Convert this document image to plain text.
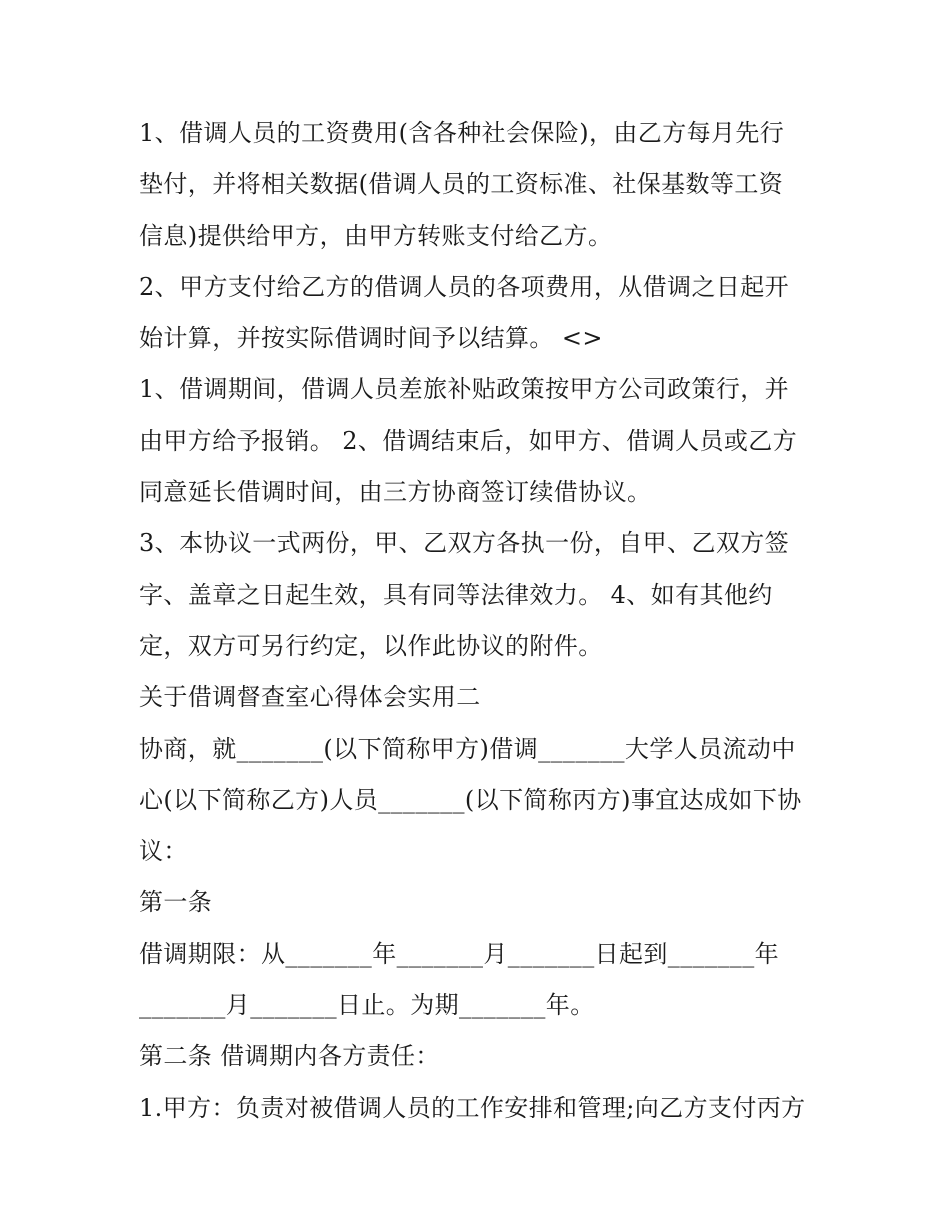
1、借调人员的工资费用(含各种社会保险)，由乙方每月先行
垫付，并将相关数据(借调人员的工资标准、社保基数等工资
信息)提供给甲方，由甲方转账支付给乙方。

2、甲方支付给乙方的借调人员的各项费用，从借调之日起开
始计算，并按实际借调时间予以结算。 <>

1、借调期间，借调人员差旅补贴政策按甲方公司政策行，并
由甲方给予报销。 2、借调结束后，如甲方、借调人员或乙方
同意延长借调时间，由三方协商签订续借协议。

3、本协议一式两份，甲、乙双方各执一份，自甲、乙双方签
字、盖章之日起生效，具有同等法律效力。 4、如有其他约
定，双方可另行约定，以作此协议的附件。

关于借调督查室心得体会实用二

协商，就_______(以下简称甲方)借调_______大学人员流动中
心(以下简称乙方)人员_______(以下简称丙方)事宜达成如下协
议：

第一条

借调期限：从_______年_______月_______日起到_______年
_______月_______日止。为期_______年。

第二条 借调期内各方责任：

1.甲方：负责对被借调人员的工作安排和管理;向乙方支付丙方
